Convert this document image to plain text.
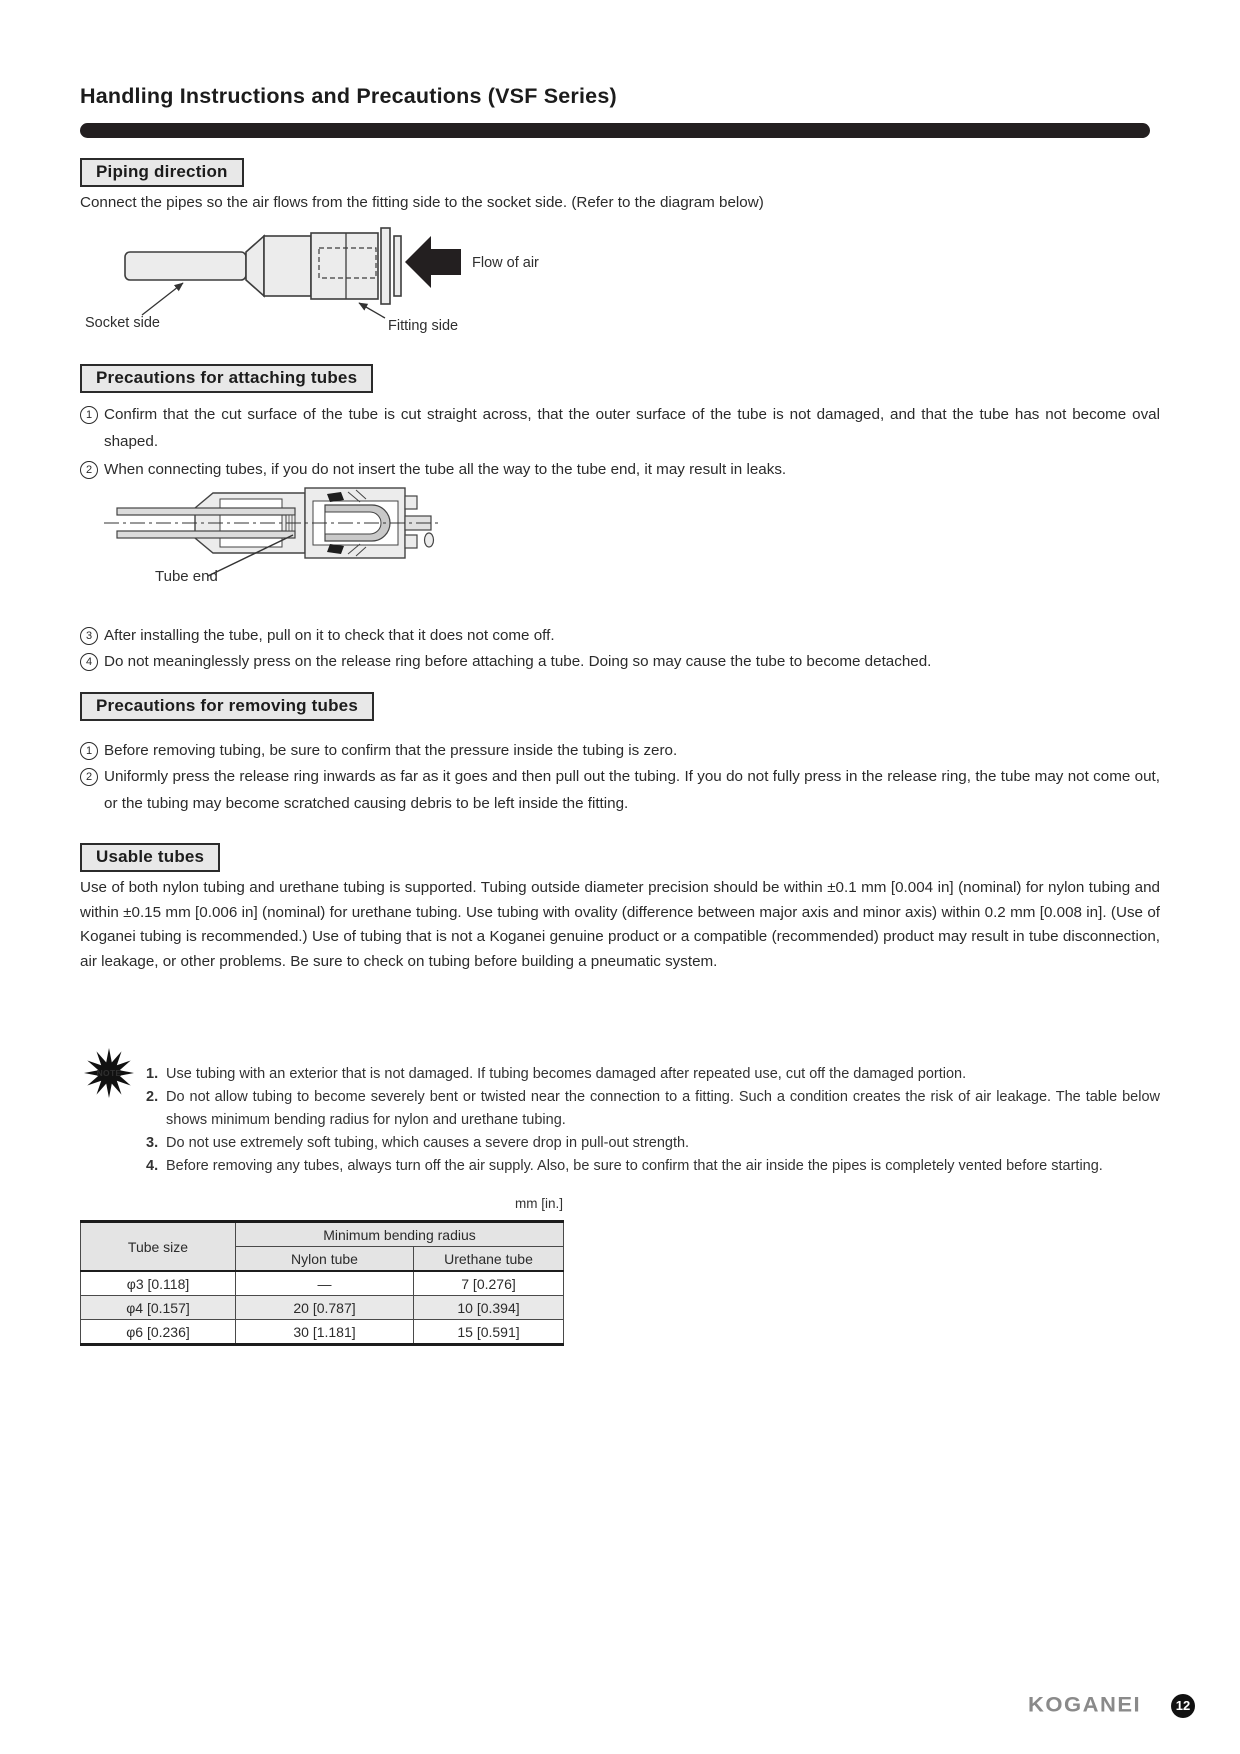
Handling Instructions and Precautions (VSF Series)
Piping direction

Connect the pipes so the air flows from the fitting side to the socket side. (Refer to the diagram below)

Flow of air
Socket side	Fitting side
Precautions for attaching tubes
1 Confirm that the cut surface of the tube is cut straight across, that the outer surface of the tube is not damaged, and that the tube has not become oval shaped.
2 When connecting tubes, if you do not insert the tube all the way to the tube end, it may result in leaks.
Tube end
3 After installing the tube, pull on it to check that it does not come off.
4 Do not meaninglessly press on the release ring before attaching a tube. Doing so may cause the tube to become detached.
Precautions for removing tubes
1 Before removing tubing, be sure to confirm that the pressure inside the tubing is zero.
2 Uniformly press the release ring inwards as far as it goes and then pull out the tubing. If you do not fully press in the release ring, the tube may not come out, or the tubing may become scratched causing debris to be left inside the fitting.
Usable tubes

Use of both nylon tubing and urethane tubing is supported. Tubing outside diameter precision should be within ±0.1 mm [0.004 in] (nominal) for nylon tubing and within ±0.15 mm [0.006 in] (nominal) for urethane tubing. Use tubing with ovality (difference between major axis and minor axis) within 0.2 mm [0.008 in]. (Use of Koganei tubing is recommended.) Use of tubing that is not a Koganei genuine product or a compatible (recommended) product may result in tube disconnection, air leakage, or other problems. Be sure to check on tubing before building a pneumatic system.

NOTE 1. Use tubing with an exterior that is not damaged. If tubing becomes damaged after repeated use, cut off the damaged portion.
2. Do not allow tubing to become severely bent or twisted near the connection to a fitting. Such a condition creates the risk of air leakage. The table below shows minimum bending radius for nylon and urethane tubing.
3. Do not use extremely soft tubing, which causes a severe drop in pull-out strength.
4. Before removing any tubes, always turn off the air supply. Also, be sure to confirm that the air inside the pipes is completely vented before starting.
mm [in.]
Tube size	Minimum bending radius	
	Nylon tube	Urethane tube
φ3 [0.118]	—	7 [0.276]
φ4 [0.157]	20 [0.787]	10 [0.394]
φ6 [0.236]	30 [1.181]	15 [0.591]
KOGANEI	12
